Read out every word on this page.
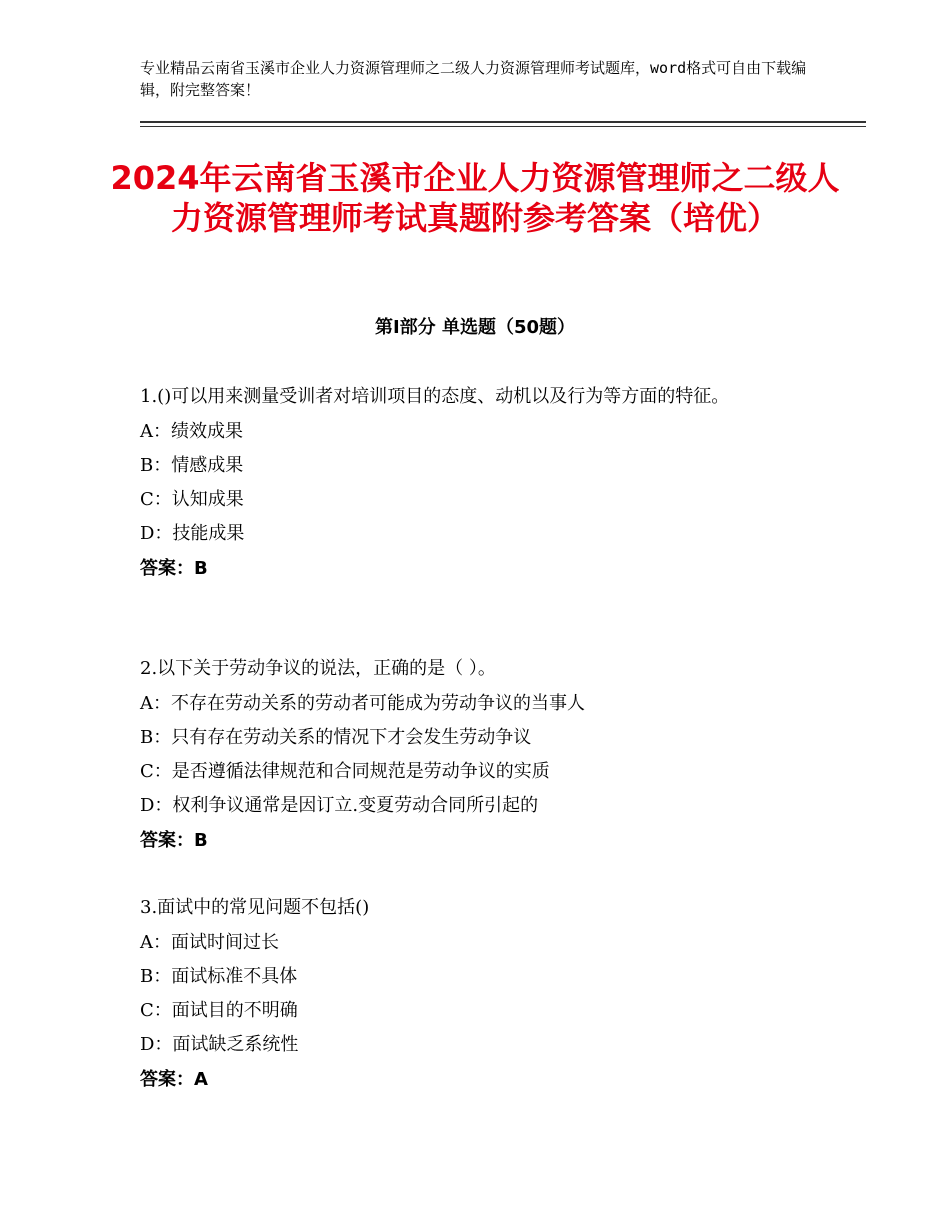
专业精品云南省玉溪市企业人力资源管理师之二级人力资源管理师考试题库，word格式可自由下载编辑，附完整答案！
2024年云南省玉溪市企业人力资源管理师之二级人力资源管理师考试真题附参考答案（培优）
第Ⅰ部分 单选题（50题）
1.()可以用来测量受训者对培训项目的态度、动机以及行为等方面的特征。
A：绩效成果
B：情感成果
C：认知成果
D：技能成果
答案：B
2.以下关于劳动争议的说法，正确的是（ ）。
A：不存在劳动关系的劳动者可能成为劳动争议的当事人
B：只有存在劳动关系的情况下才会发生劳动争议
C：是否遵循法律规范和合同规范是劳动争议的实质
D：权利争议通常是因订立.变夏劳动合同所引起的
答案：B
3.面试中的常见问题不包括()
A：面试时间过长
B：面试标准不具体
C：面试目的不明确
D：面试缺乏系统性
答案：A
